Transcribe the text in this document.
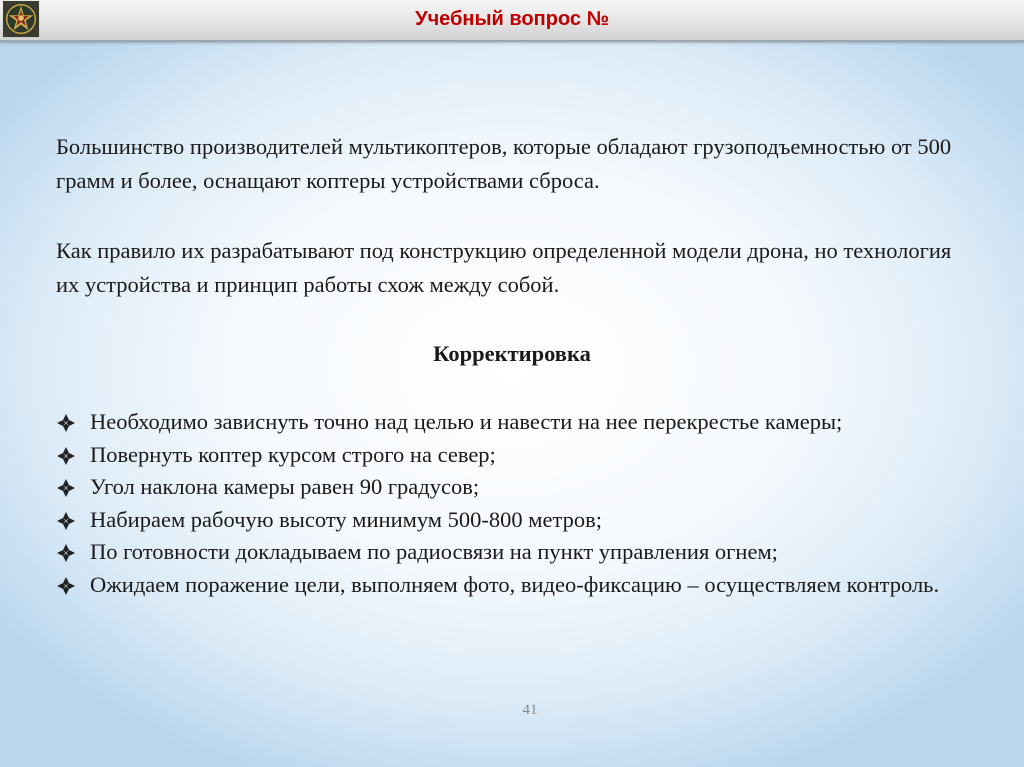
Учебный вопрос №

Большинство производителей мультикоптеров, которые обладают грузоподъемностью от 500 грамм и более, оснащают коптеры устройствами сброса.

Как правило их разрабатывают под конструкцию определенной модели дрона, но технология их устройства и принцип работы схож между собой.

Корректировка
Необходимо зависнуть точно над целью и навести на нее перекрестье камеры;
Повернуть коптер курсом строго на север;
Угол наклона камеры равен 90 градусов;
Набираем рабочую высоту минимум 500-800 метров;
По готовности докладываем по радиосвязи на пункт управления огнем;
Ожидаем поражение цели, выполняем фото, видео-фиксацию – осуществляем контроль.
41
